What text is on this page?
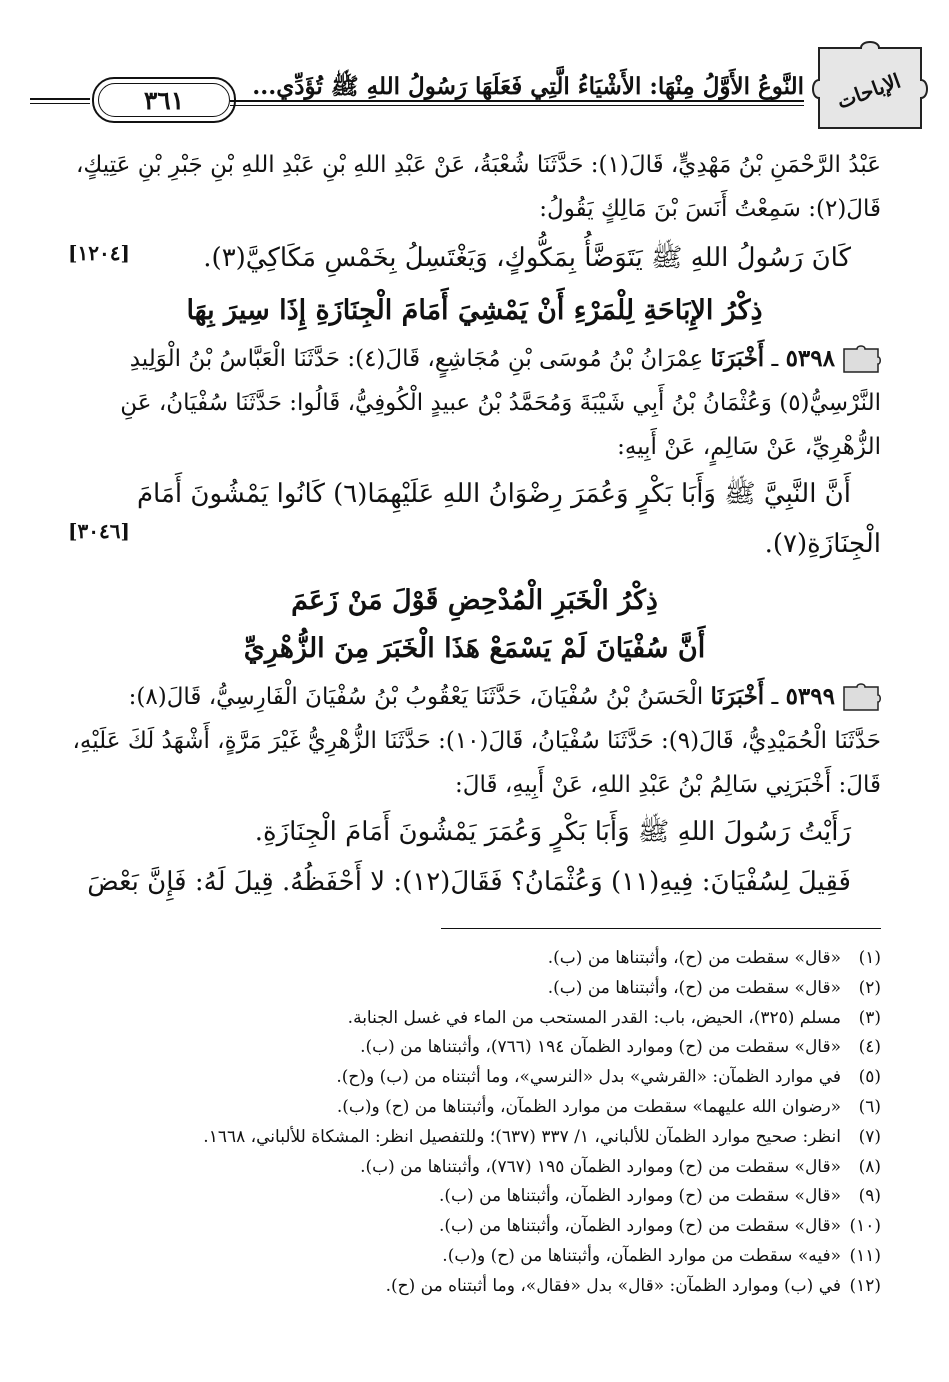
الإباحات
النَّوعُ الأَوَّلُ مِنْهَا: الأَشْيَاءُ الَّتِي فَعَلَهَا رَسُولُ اللهِ ﷺ تُؤَدِّي...
٣٦١
عَبْدُ الرَّحْمَنِ بْنُ مَهْدِيٍّ، قَالَ(١): حَدَّثَنَا شُعْبَةُ، عَنْ عَبْدِ اللهِ بْنِ عَبْدِ اللهِ بْنِ جَبْرِ بْنِ عَتِيكٍ،
قَالَ(٢): سَمِعْتُ أَنَسَ بْنَ مَالِكٍ يَقُولُ:
كَانَ رَسُولُ اللهِ ﷺ يَتَوَضَّأُ بِمَكُّوكٍ، وَيَغْتَسِلُ بِخَمْسِ مَكَاكِيَّ(٣).
[١٢٠٤]
ذِكْرُ الإِبَاحَةِ لِلْمَرْءِ أَنْ يَمْشِيَ أَمَامَ الْجِنَازَةِ إِذَا سِيرَ بِهَا
٥٣٩٨ ـ أَخْبَرَنَا عِمْرَانُ بْنُ مُوسَى بْنِ مُجَاشِعٍ، قَالَ(٤): حَدَّثَنَا الْعَبَّاسُ بْنُ الْوَلِيدِ
النَّرْسِيُّ(٥) وَعُثْمَانُ بْنُ أَبِي شَيْبَةَ وَمُحَمَّدُ بْنُ عبيدٍ الْكُوفِيُّ، قَالُوا: حَدَّثَنَا سُفْيَانُ، عَنِ
الزُّهْرِيِّ، عَنْ سَالِمٍ، عَنْ أَبِيهِ:
أَنَّ النَّبِيَّ ﷺ وَأَبَا بَكْرٍ وَعُمَرَ رِضْوَانُ اللهِ عَلَيْهِمَا(٦) كَانُوا يَمْشُونَ أَمَامَ
الْجِنَازَةِ(٧).
[٣٠٤٦]
ذِكْرُ الْخَبَرِ الْمُدْحِضِ قَوْلَ مَنْ زَعَمَ
أَنَّ سُفْيَانَ لَمْ يَسْمَعْ هَذَا الْخَبَرَ مِنَ الزُّهْرِيِّ
٥٣٩٩ ـ أَخْبَرَنَا الْحَسَنُ بْنُ سُفْيَانَ، حَدَّثَنَا يَعْقُوبُ بْنُ سُفْيَانَ الْفَارِسِيُّ، قَالَ(٨):
حَدَّثَنَا الْحُمَيْدِيُّ، قَالَ(٩): حَدَّثَنَا سُفْيَانُ، قَالَ(١٠): حَدَّثَنَا الزُّهْرِيُّ غَيْرَ مَرَّةٍ، أَشْهَدُ لَكَ عَلَيْهِ،
قَالَ: أَخْبَرَنِي سَالِمُ بْنُ عَبْدِ اللهِ، عَنْ أَبِيهِ، قَالَ:
رَأَيْتُ رَسُولَ اللهِ ﷺ وَأَبَا بَكْرٍ وَعُمَرَ يَمْشُونَ أَمَامَ الْجِنَازَةِ.
فَقِيلَ لِسُفْيَانَ: فِيهِ(١١) وَعُثْمَانُ؟ فَقَالَ(١٢): لا أَحْفَظُهُ. قِيلَ لَهُ: فَإِنَّ بَعْضَ
(١)
«قال» سقطت من (ح)، وأثبتناها من (ب).
(٢)
«قال» سقطت من (ح)، وأثبتناها من (ب).
(٣)
مسلم (٣٢٥)، الحيض، باب: القدر المستحب من الماء في غسل الجنابة.
(٤)
«قال» سقطت من (ح) وموارد الظمآن ١٩٤ (٧٦٦)، وأثبتناها من (ب).
(٥)
في موارد الظمآن: «القرشي» بدل «النرسي»، وما أثبتناه من (ب) و(ح).
(٦)
«رضوان الله عليهما» سقطت من موارد الظمآن، وأثبتناها من (ح) و(ب).
(٧)
انظر: صحيح موارد الظمآن للألباني، ١/ ٣٣٧ (٦٣٧)؛ وللتفصيل انظر: المشكاة للألباني، ١٦٦٨.
(٨)
«قال» سقطت من (ح) وموارد الظمآن ١٩٥ (٧٦٧)، وأثبتناها من (ب).
(٩)
«قال» سقطت من (ح) وموارد الظمآن، وأثبتناها من (ب).
(١٠)
«قال» سقطت من (ح) وموارد الظمآن، وأثبتناها من (ب).
(١١)
«فيه» سقطت من موارد الظمآن، وأثبتناها من (ح) و(ب).
(١٢)
في (ب) وموارد الظمآن: «قال» بدل «فقال»، وما أثبتناه من (ح).
